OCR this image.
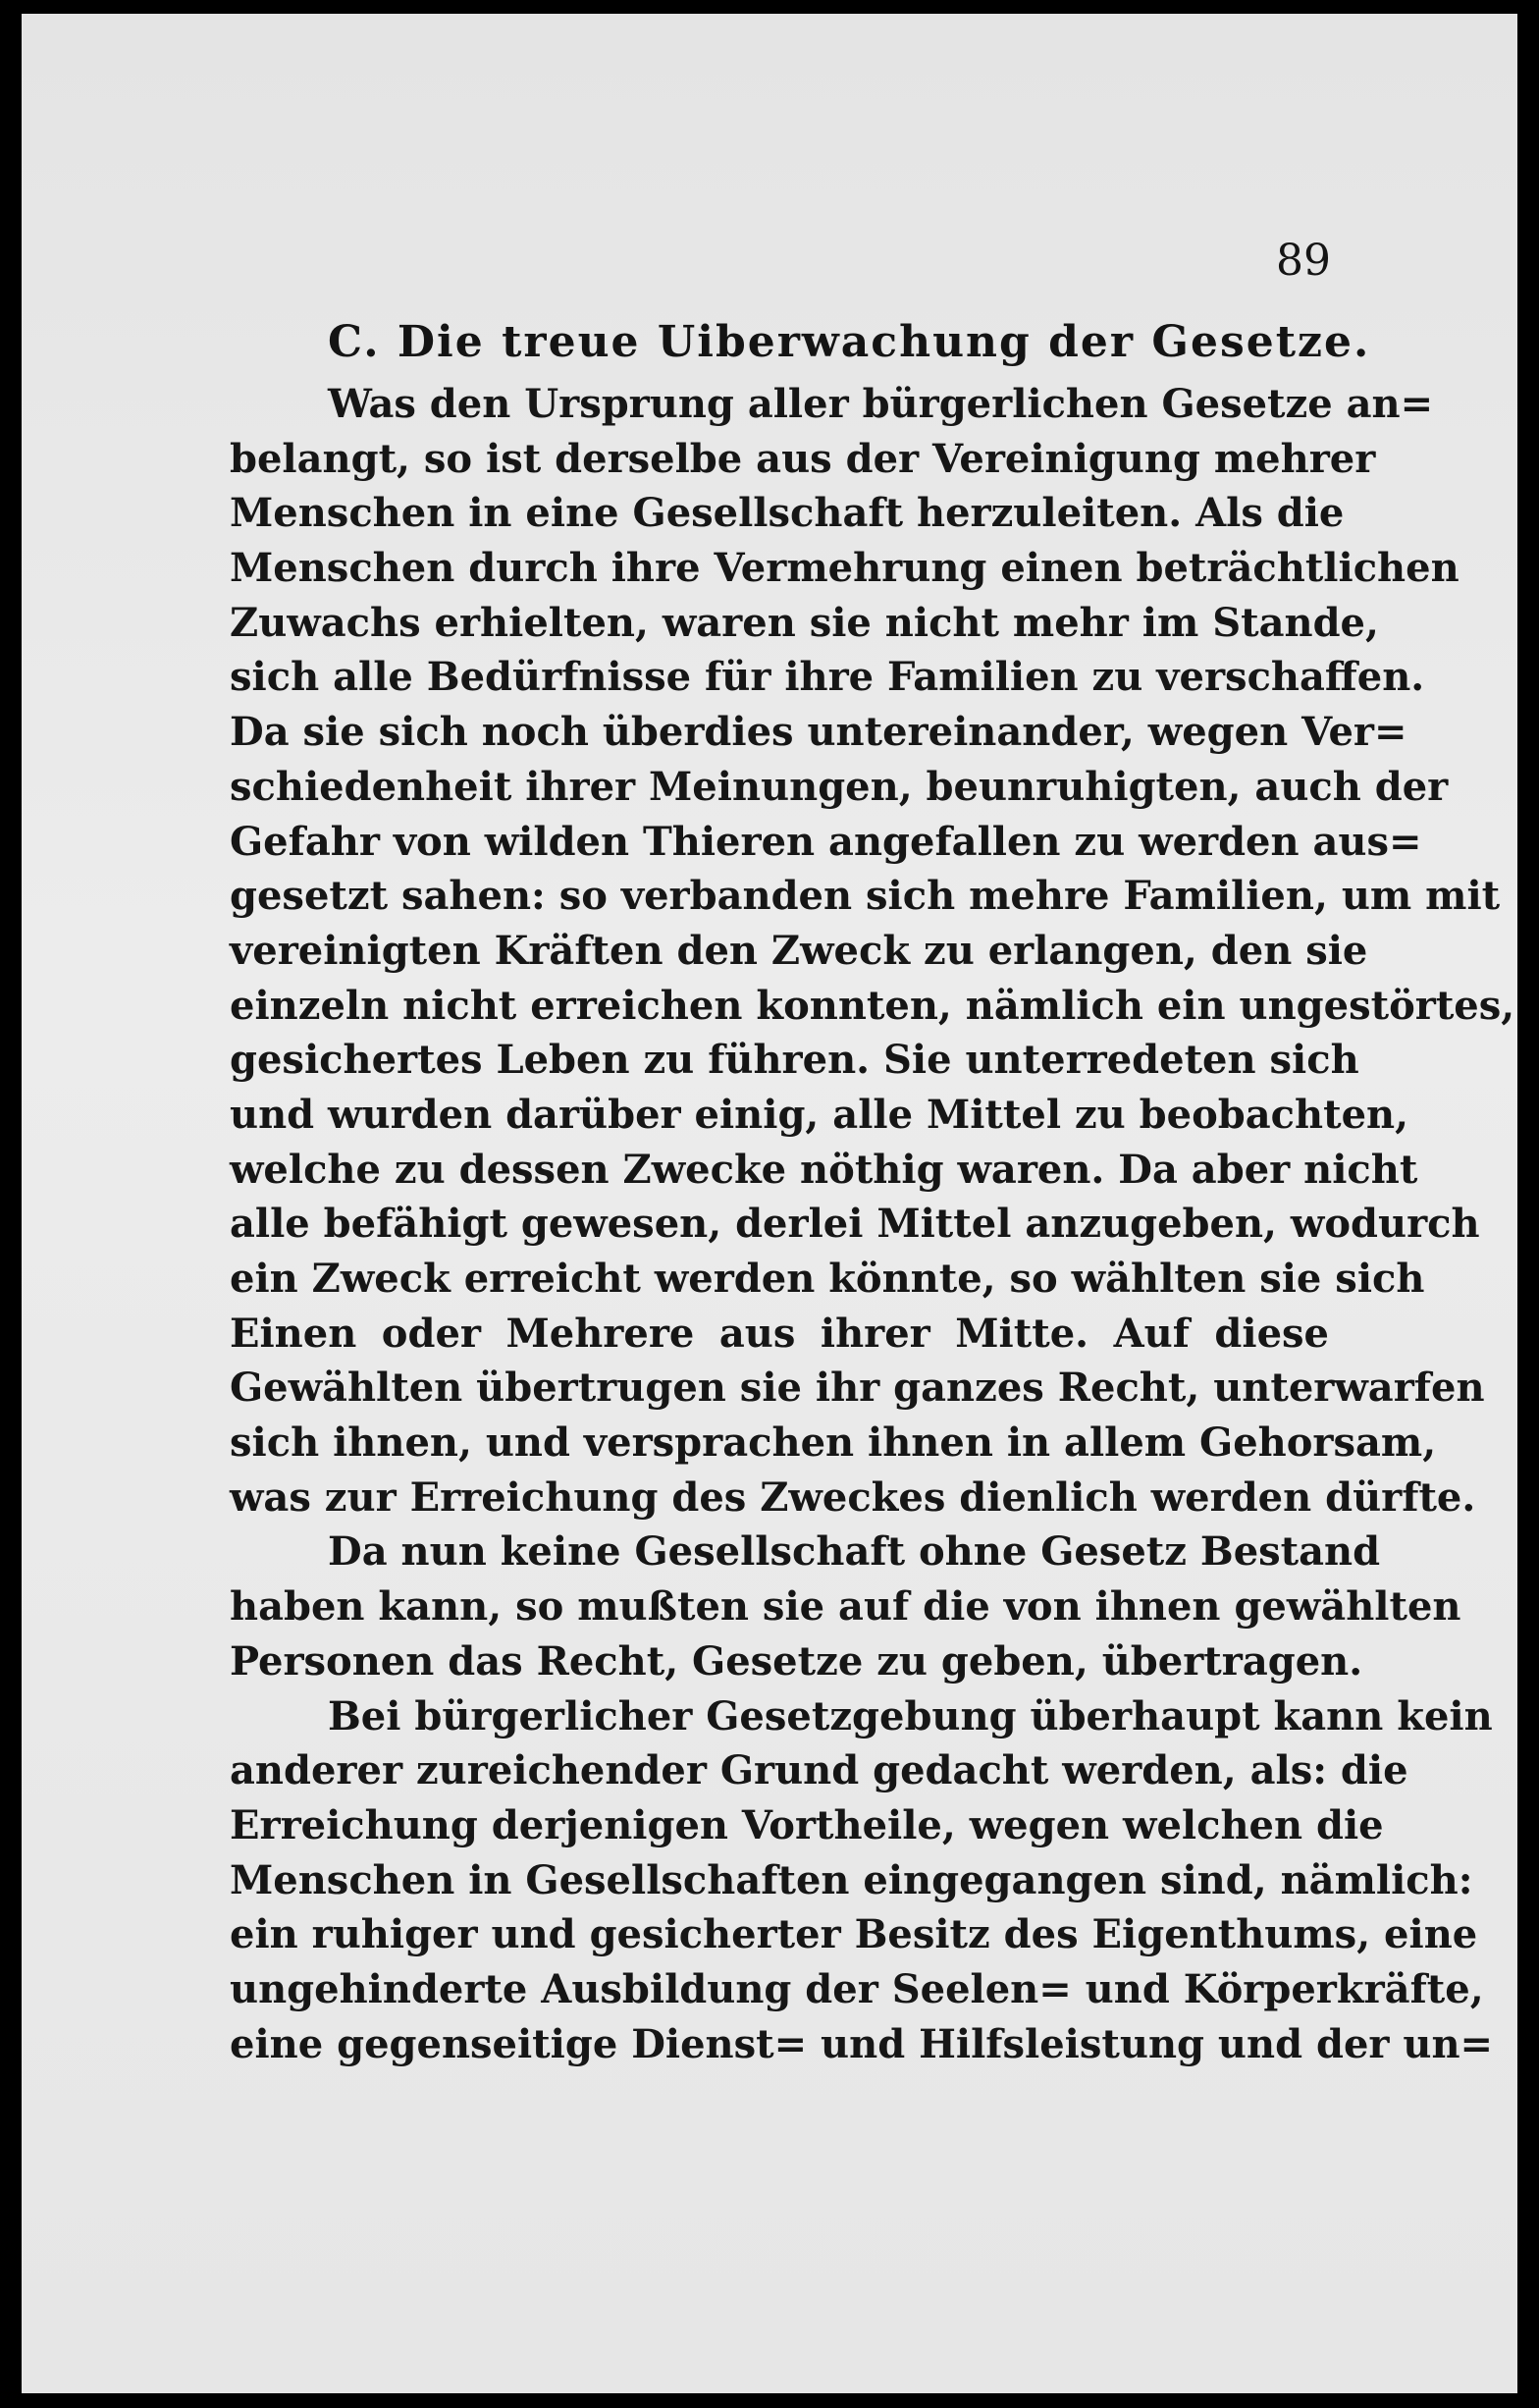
89
C. Die treue Uiberwachung der Gesetze.
Was den Ursprung aller bürgerlichen Gesetze an=
belangt, so ist derselbe aus der Vereinigung mehrer
Menschen in eine Gesellschaft herzuleiten. Als die
Menschen durch ihre Vermehrung einen beträchtlichen
Zuwachs erhielten, waren sie nicht mehr im Stande,
sich alle Bedürfnisse für ihre Familien zu verschaffen.
Da sie sich noch überdies untereinander, wegen Ver=
schiedenheit ihrer Meinungen, beunruhigten, auch der
Gefahr von wilden Thieren angefallen zu werden aus=
gesetzt sahen: so verbanden sich mehre Familien, um mit
vereinigten Kräften den Zweck zu erlangen, den sie
einzeln nicht erreichen konnten, nämlich ein ungestörtes,
gesichertes Leben zu führen. Sie unterredeten sich
und wurden darüber einig, alle Mittel zu beobachten,
welche zu dessen Zwecke nöthig waren. Da aber nicht
alle befähigt gewesen, derlei Mittel anzugeben, wodurch
ein Zweck erreicht werden könnte, so wählten sie sich
Einen oder Mehrere aus ihrer Mitte. Auf diese
Gewählten übertrugen sie ihr ganzes Recht, unterwarfen
sich ihnen, und versprachen ihnen in allem Gehorsam,
was zur Erreichung des Zweckes dienlich werden dürfte.
Da nun keine Gesellschaft ohne Gesetz Bestand
haben kann, so mußten sie auf die von ihnen gewählten
Personen das Recht, Gesetze zu geben, übertragen.
Bei bürgerlicher Gesetzgebung überhaupt kann kein
anderer zureichender Grund gedacht werden, als: die
Erreichung derjenigen Vortheile, wegen welchen die
Menschen in Gesellschaften eingegangen sind, nämlich:
ein ruhiger und gesicherter Besitz des Eigenthums, eine
ungehinderte Ausbildung der Seelen= und Körperkräfte,
eine gegenseitige Dienst= und Hilfsleistung und der un=
